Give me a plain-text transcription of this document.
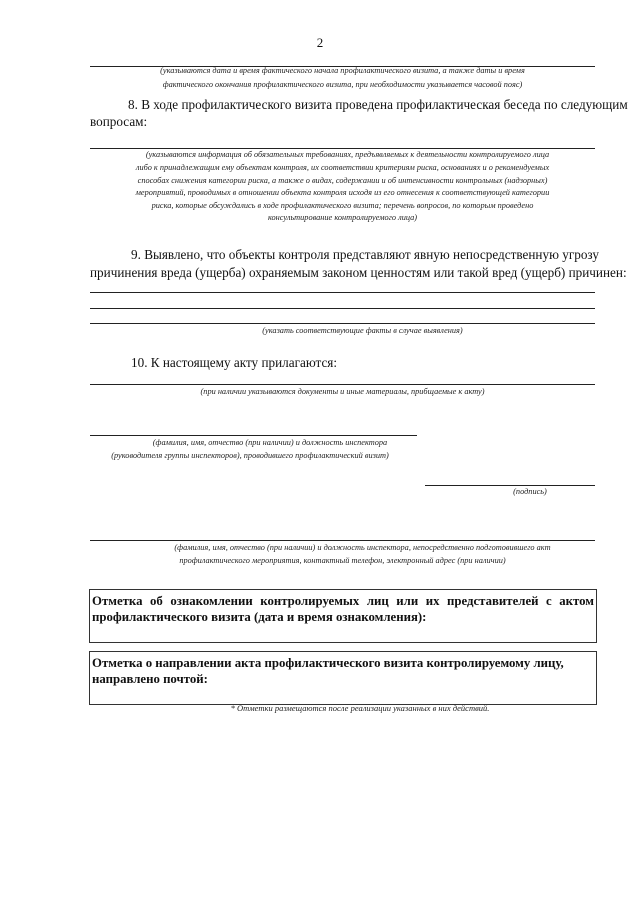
2
(указываются дата и время фактического начала профилактического визита, а также даты и время
фактического окончания профилактического визита, при необходимости указывается часовой пояс)
8. В ходе профилактического визита проведена профилактическая беседа по следующим
вопросам:
(указываются информация об обязательных требованиях, предъявляемых к деятельности контролируемого лица
либо к принадлежащим ему объектам контроля, их соответствии критериям риска, основаниях и о рекомендуемых
способах снижения категории риска, а также о видах, содержании и об интенсивности контрольных (надзорных)
мероприятий, проводимых в отношении объекта контроля исходя из его отнесения к соответствующей категории
риска, которые обсуждались в ходе профилактического визита; перечень вопросов, по которым проведено
консультирование контролируемого лица)
9. Выявлено, что объекты контроля представляют явную непосредственную угрозу
причинения вреда (ущерба) охраняемым законом ценностям или такой вред (ущерб) причинен:
(указать соответствующие факты в случае выявления)
10. К настоящему акту прилагаются:
(при наличии указываются документы и иные материалы, прибщаемые к акту)
(фамилия, имя, отчество (при наличии) и должность инспектора
(руководителя группы инспекторов), проводившего профилактический визит)
(подпись)
(фамилия, имя, отчество (при наличии) и должность инспектора, непосредственно подготовившего акт
профилактического мероприятия, контактный телефон, электронный адрес (при наличии)
Отметка об ознакомлении контролируемых лиц или их представителей с актом
профилактического визита (дата и время ознакомления):
Отметка о направлении акта профилактического визита контролируемому лицу,
направлено почтой:
* Отметки размещаются после реализации указанных в них действий.
